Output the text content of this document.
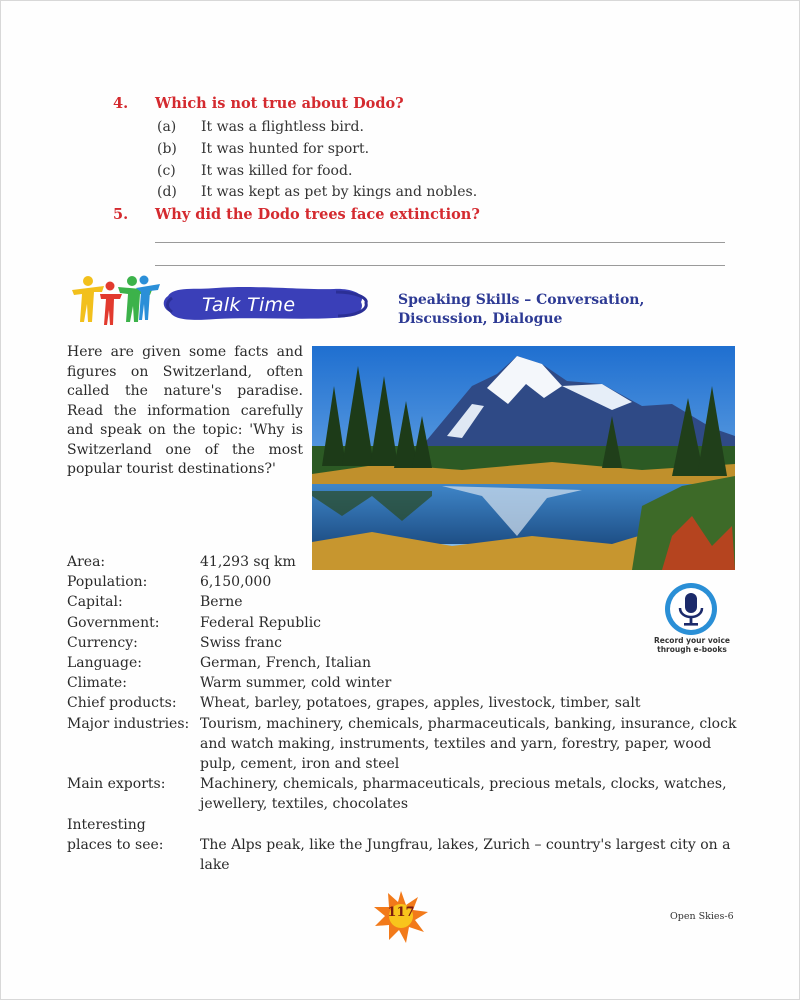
4. Which is not true about Dodo?
(a) It was a flightless bird.
(b) It was hunted for sport.
(c) It was killed for food.
(d) It was kept as pet by kings and nobles.
5. Why did the Dodo trees face extinction?
Talk Time	Speaking Skills – Conversation,
Discussion, Dialogue
Here are given some facts and figures on Switzerland, often called the nature's paradise. Read the information carefully and speak on the topic: 'Why is Switzerland one of the most popular tourist destinations?'
Area:	41,293 sq km
Population:	6,150,000
Capital:	Berne
Government:	Federal Republic
Currency:	Swiss franc
Language:	German, French, Italian
Climate:	Warm summer, cold winter
Chief products:	Wheat, barley, potatoes, grapes, apples, livestock, timber, salt
Major industries: Tourism, machinery, chemicals, pharmaceuticals, banking, insurance, clock and watch making, instruments, textiles and yarn, forestry, paper, wood pulp, cement, iron and steel
Main exports:	Machinery, chemicals, pharmaceuticals, precious metals, clocks, watches, jewellery, textiles, chocolates
Interesting
places to see:	The Alps peak, like the Jungfrau, lakes, Zurich – country's largest city on a lake
Record your voice
through e-books
117	Open Skies-6
